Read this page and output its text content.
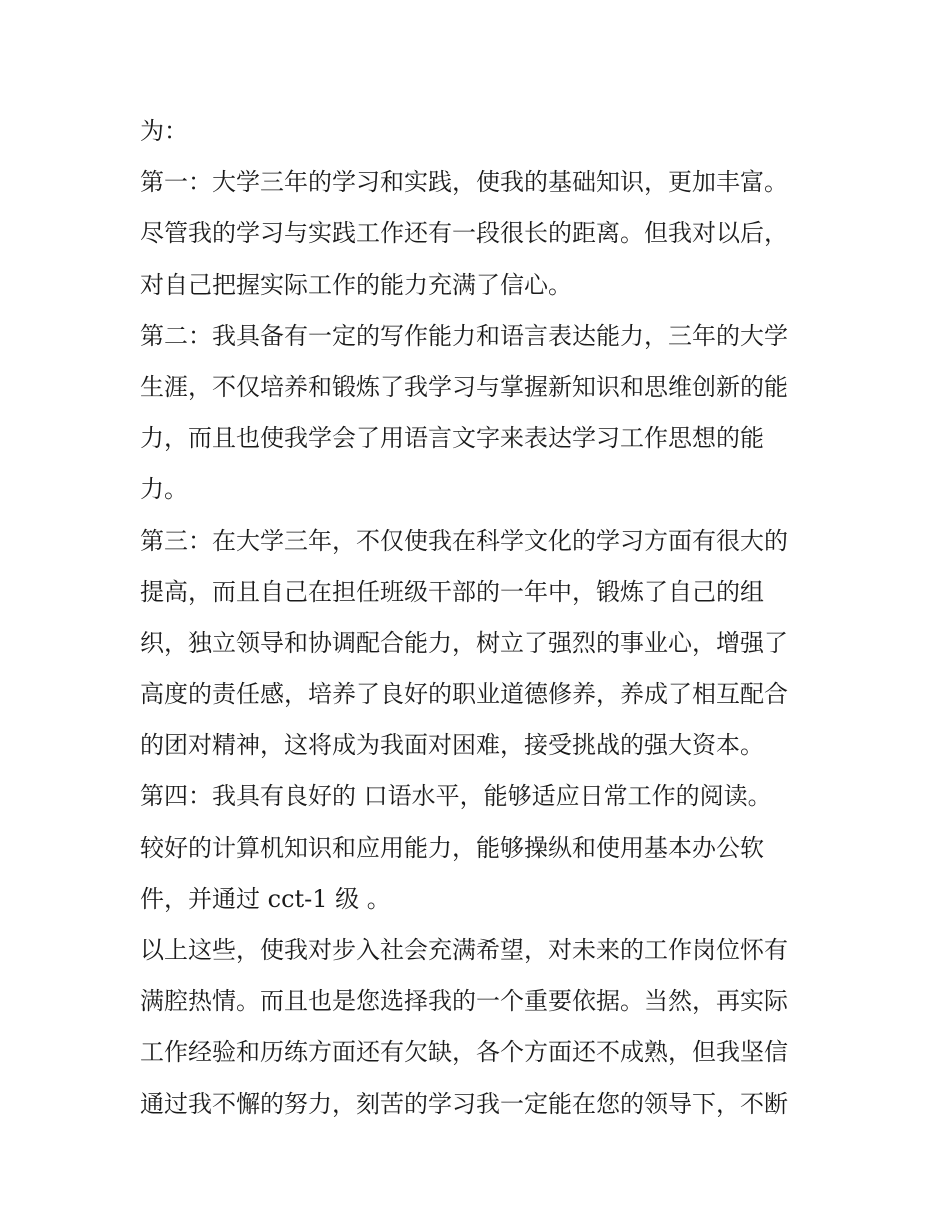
为：
第一：大学三年的学习和实践，使我的基础知识，更加丰富。
尽管我的学习与实践工作还有一段很长的距离。但我对以后，
对自己把握实际工作的能力充满了信心。
第二：我具备有一定的写作能力和语言表达能力，三年的大学
生涯，不仅培养和锻炼了我学习与掌握新知识和思维创新的能
力，而且也使我学会了用语言文字来表达学习工作思想的能
力。
第三：在大学三年，不仅使我在科学文化的学习方面有很大的
提高，而且自己在担任班级干部的一年中，锻炼了自己的组
织，独立领导和协调配合能力，树立了强烈的事业心，增强了
高度的责任感，培养了良好的职业道德修养，养成了相互配合
的团对精神，这将成为我面对困难，接受挑战的强大资本。
第四：我具有良好的 口语水平，能够适应日常工作的阅读。
较好的计算机知识和应用能力，能够操纵和使用基本办公软
件，并通过 cct-1 级 。
以上这些，使我对步入社会充满希望，对未来的工作岗位怀有
满腔热情。而且也是您选择我的一个重要依据。当然，再实际
工作经验和历练方面还有欠缺，各个方面还不成熟，但我坚信
通过我不懈的努力，刻苦的学习我一定能在您的领导下，不断
